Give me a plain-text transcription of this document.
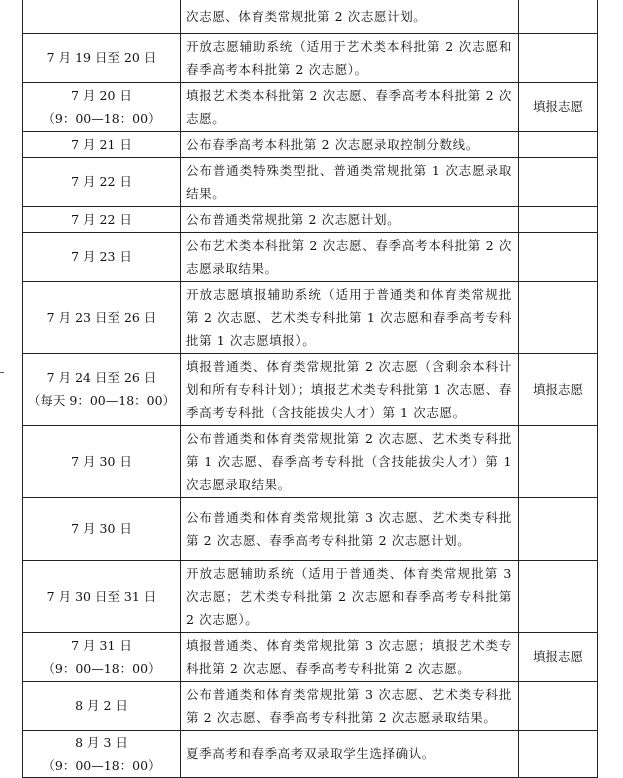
	次志愿、体育类常规批第 2 次志愿计划。	
7 月 19 日至 20 日	开放志愿辅助系统（适用于艺术类本科批第 2 次志愿和春季高考本科批第 2 次志愿）。	
7 月 20 日
（9：00—18：00）	填报艺术类本科批第 2 次志愿、春季高考本科批第 2 次志愿。	填报志愿
7 月 21 日	公布春季高考本科批第 2 次志愿录取控制分数线。	
7 月 22 日	公布普通类特殊类型批、普通类常规批第 1 次志愿录取结果。	
7 月 22 日	公布普通类常规批第 2 次志愿计划。	
7 月 23 日	公布艺术类本科批第 2 次志愿、春季高考本科批第 2 次志愿录取结果。	
7 月 23 日至 26 日	开放志愿填报辅助系统（适用于普通类和体育类常规批第 2 次志愿、艺术类专科批第 1 次志愿和春季高考专科批第 1 次志愿填报）。	
7 月 24 日至 26 日
（每天 9：00—18：00）	填报普通类、体育类常规批第 2 次志愿（含剩余本科计划和所有专科计划）；填报艺术类专科批第 1 次志愿、春季高考专科批（含技能拔尖人才）第 1 次志愿。	填报志愿
7 月 30 日	公布普通类和体育类常规批第 2 次志愿、艺术类专科批第 1 次志愿、春季高考专科批（含技能拔尖人才）第 1 次志愿录取结果。	
7 月 30 日	公布普通类和体育类常规批第 3 次志愿、艺术类专科批第 2 次志愿、春季高考专科批第 2 次志愿计划。	
7 月 30 日至 31 日	开放志愿辅助系统（适用于普通类、体育类常规批第 3 次志愿；艺术类专科批第 2 次志愿和春季高考专科批第 2 次志愿）。	
7 月 31 日
（9：00—18：00）	填报普通类、体育类常规批第 3 次志愿；填报艺术类专科批第 2 次志愿、春季高考专科批第 2 次志愿。	填报志愿
8 月 2 日	公布普通类和体育类常规批第 3 次志愿、艺术类专科批第 2 次志愿、春季高考专科批第 2 次志愿录取结果。	
8 月 3 日
（9：00—18：00）	夏季高考和春季高考双录取学生选择确认。	
